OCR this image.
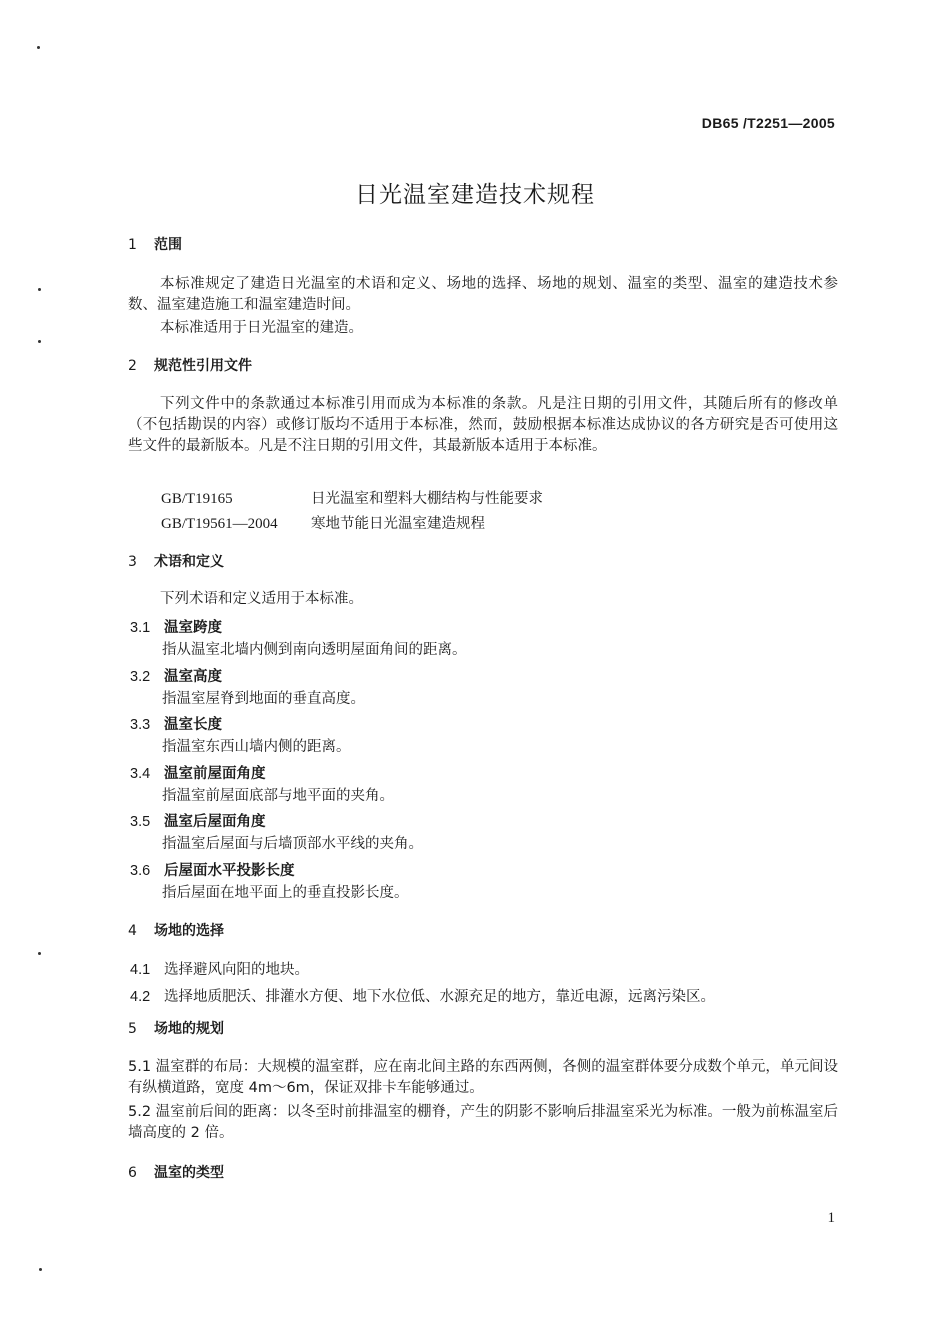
DB65 /T2251—2005
日光温室建造技术规程
1 范围
本标准规定了建造日光温室的术语和定义、场地的选择、场地的规划、温室的类型、温室的建造技术参数、温室建造施工和温室建造时间。
本标准适用于日光温室的建造。
2 规范性引用文件
下列文件中的条款通过本标准引用而成为本标准的条款。凡是注日期的引用文件，其随后所有的修改单（不包括勘误的内容）或修订版均不适用于本标准，然而，鼓励根据本标准达成协议的各方研究是否可使用这些文件的最新版本。凡是不注日期的引用文件，其最新版本适用于本标准。
GB/T19165	日光温室和塑料大棚结构与性能要求
GB/T19561—2004 寒地节能日光温室建造规程
3 术语和定义
下列术语和定义适用于本标准。
3.1 温室跨度
指从温室北墙内侧到南向透明屋面角间的距离。
3.2 温室高度
指温室屋脊到地面的垂直高度。
3.3 温室长度
指温室东西山墙内侧的距离。
3.4 温室前屋面角度
指温室前屋面底部与地平面的夹角。
3.5 温室后屋面角度
指温室后屋面与后墙顶部水平线的夹角。
3.6 后屋面水平投影长度
指后屋面在地平面上的垂直投影长度。
4 场地的选择
4.1 选择避风向阳的地块。
4.2 选择地质肥沃、排灌水方便、地下水位低、水源充足的地方，靠近电源，远离污染区。
5 场地的规划
5.1 温室群的布局：大规模的温室群，应在南北间主路的东西两侧，各侧的温室群体要分成数个单元，单元间设有纵横道路，宽度 4m～6m，保证双排卡车能够通过。
5.2 温室前后间的距离：以冬至时前排温室的棚脊，产生的阴影不影响后排温室采光为标准。一般为前栋温室后墙高度的 2 倍。
6 温室的类型
1
